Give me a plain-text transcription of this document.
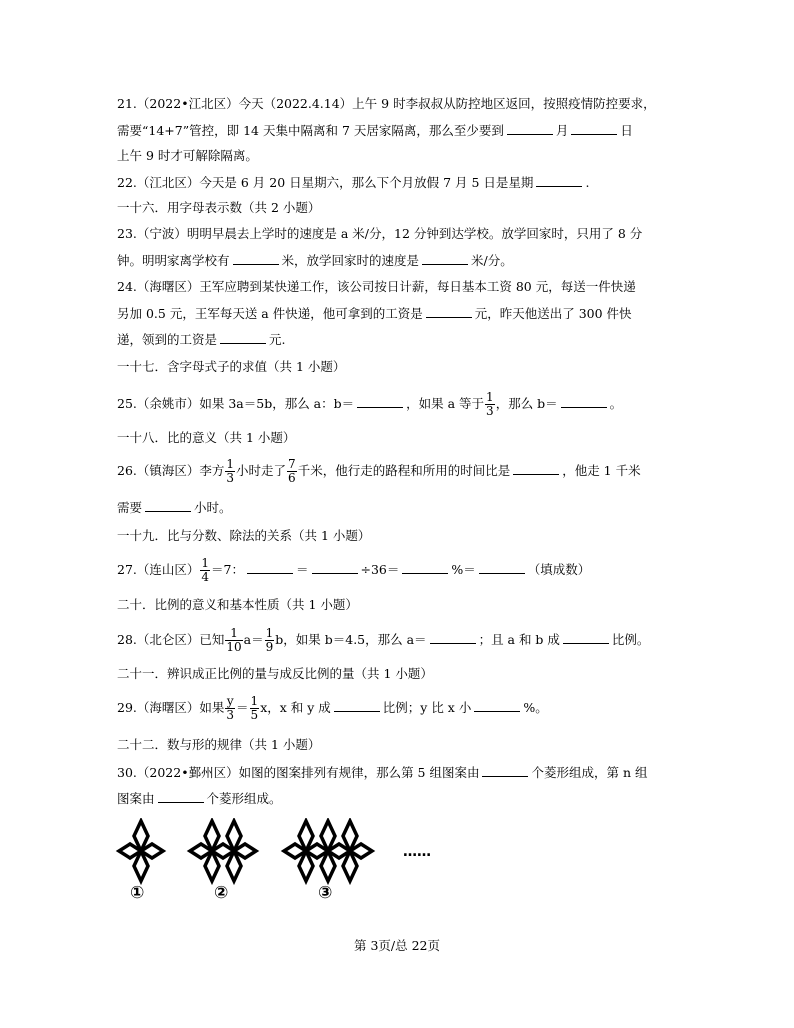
21.（2022•江北区）今天（2022.4.14）上午 9 时李叔叔从防控地区返回，按照疫情防控要求，
需要“14+7”管控，即 14 天集中隔离和 7 天居家隔离，那么至少要到	月	日
上午 9 时才可解除隔离。
22.（江北区）今天是 6 月 20 日星期六，那么下个月放假 7 月 5 日是星期	.
一十六．用字母表示数（共 2 小题）
23.（宁波）明明早晨去上学时的速度是 a 米/分，12 分钟到达学校。放学回家时，只用了 8 分
钟。明明家离学校有	米，放学回家时的速度是	米/分。
24.（海曙区）王军应聘到某快递工作，该公司按日计薪，每日基本工资 80 元，每送一件快递
另加 0.5 元，王军每天送 a 件快递，他可拿到的工资是	元，昨天他送出了 300 件快
递，领到的工资是	元.
一十七．含字母式子的求值（共 1 小题）
25.（余姚市）如果 3a＝5b，那么 a：b＝	，如果 a 等于 $\frac{1}{3}$ ，那么 b＝	。
一十八．比的意义（共 1 小题）
26.（镇海区）李方 $\frac{1}{3}$ 小时走了 $\frac{7}{6}$ 千米，他行走的路程和所用的时间比是	，他走 1 千米
需要	小时。
一十九．比与分数、除法的关系（共 1 小题）
27.（连山区） $\frac{1}{4} =7$：	＝	÷36＝	%＝	（填成数）
二十．比例的意义和基本性质（共 1 小题）
28.（北仑区）已知 $\frac{1}{10} a= \frac{1}{9}$ b，如果 b＝4.5，那么 a＝	；且 a 和 b 成	比例。
二十一．辨识成正比例的量与成反比例的量（共 1 小题）
29.（海曙区）如果 $\frac{y}{3} = \frac{1}{5}$ x，x 和 y 成	比例；y 比 x 小	%。
二十二．数与形的规律（共 1 小题）
30.（2022•鄞州区）如图的图案排列有规律，那么第 5 组图案由	个菱形组成，第 n 组
图案由	个菱形组成。
……
①	②	③
第 3页/总 22页
